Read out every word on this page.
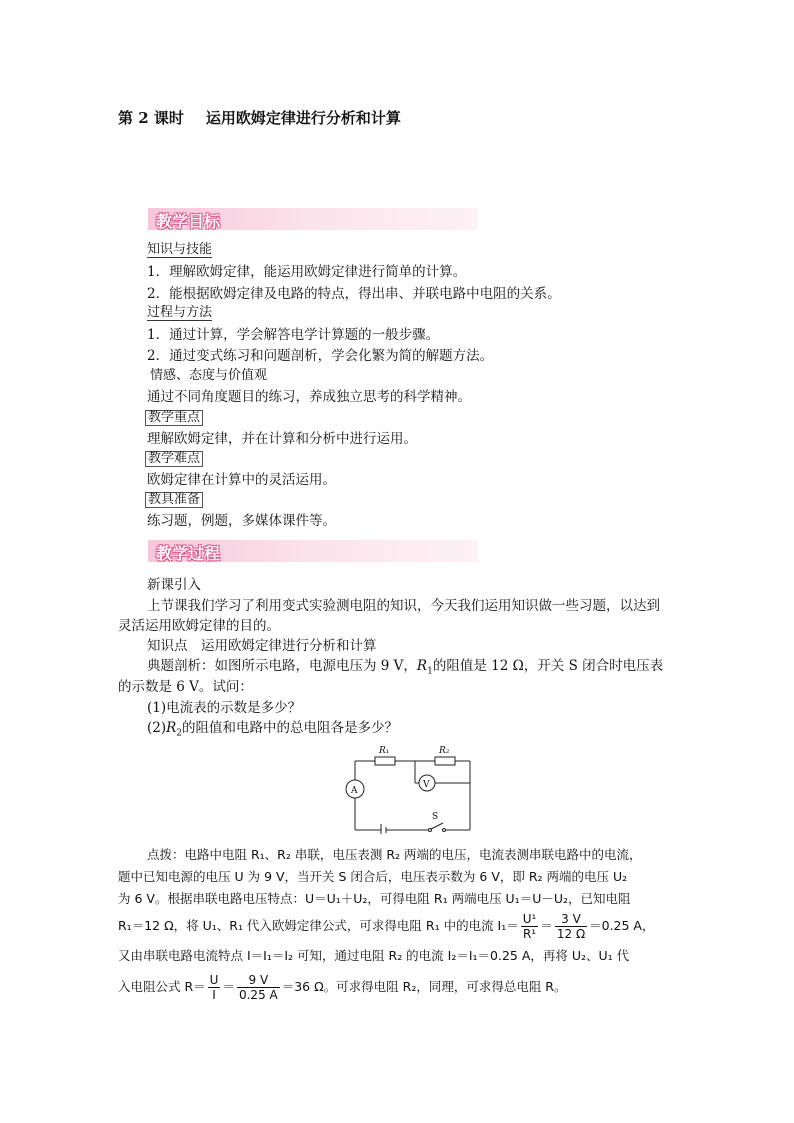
第 2 课时 运用欧姆定律进行分析和计算
教学目标
知识与技能
1．理解欧姆定律，能运用欧姆定律进行简单的计算。
2．能根据欧姆定律及电路的特点，得出串、并联电路中电阻的关系。
过程与方法
1．通过计算，学会解答电学计算题的一般步骤。
2．通过变式练习和问题剖析，学会化繁为简的解题方法。
情感、态度与价值观
通过不同角度题目的练习，养成独立思考的科学精神。
教学重点
理解欧姆定律，并在计算和分析中进行运用。
教学难点
欧姆定律在计算中的灵活运用。
教具准备
练习题，例题，多媒体课件等。
教学过程
新课引入
上节课我们学习了利用变式实验测电阻的知识，今天我们运用知识做一些习题，以达到
灵活运用欧姆定律的目的。
知识点　运用欧姆定律进行分析和计算
典题剖析：如图所示电路，电源电压为 9 V，$R_1$的阻值是 12 Ω，开关 S 闭合时电压表
的示数是 6 V。试问：
(1)电流表的示数是多少？
$(2)R_2$的阻值和电路中的总电阻各是多少？
R₁	R₂
A
V
S
点拨：电路中电阻 R₁、R₂ 串联，电压表测 R₂ 两端的电压，电流表测串联电路中的电流，
题中已知电源的电压 U 为 9 V，当开关 S 闭合后，电压表示数为 6 V，即 R₂ 两端的电压 U₂
为 6 V。根据串联电路电压特点：U＝U₁＋U₂，可得电阻 R₁ 两端电压 U₁＝U－U₂，已知电阻
R₁＝12 Ω，将 U₁、R₁ 代入欧姆定律公式，可求得电阻 R₁ 中的电流 $I_1= \frac{\text{U¹}}{\text{R¹}} = \frac{3 V}{12 \Omega} =0.25$ A，
又由串联电路电流特点 I＝I₁＝I₂ 可知，通过电阻 R₂ 的电流 I₂＝I₁＝0.25 A，再将 U₂、U₁ 代
入电阻公式 $R= \frac{U}{I} = \frac{9 V}{0.25 A} =36$ Ω。可求得电阻 R₂，同理，可求得总电阻 R。
